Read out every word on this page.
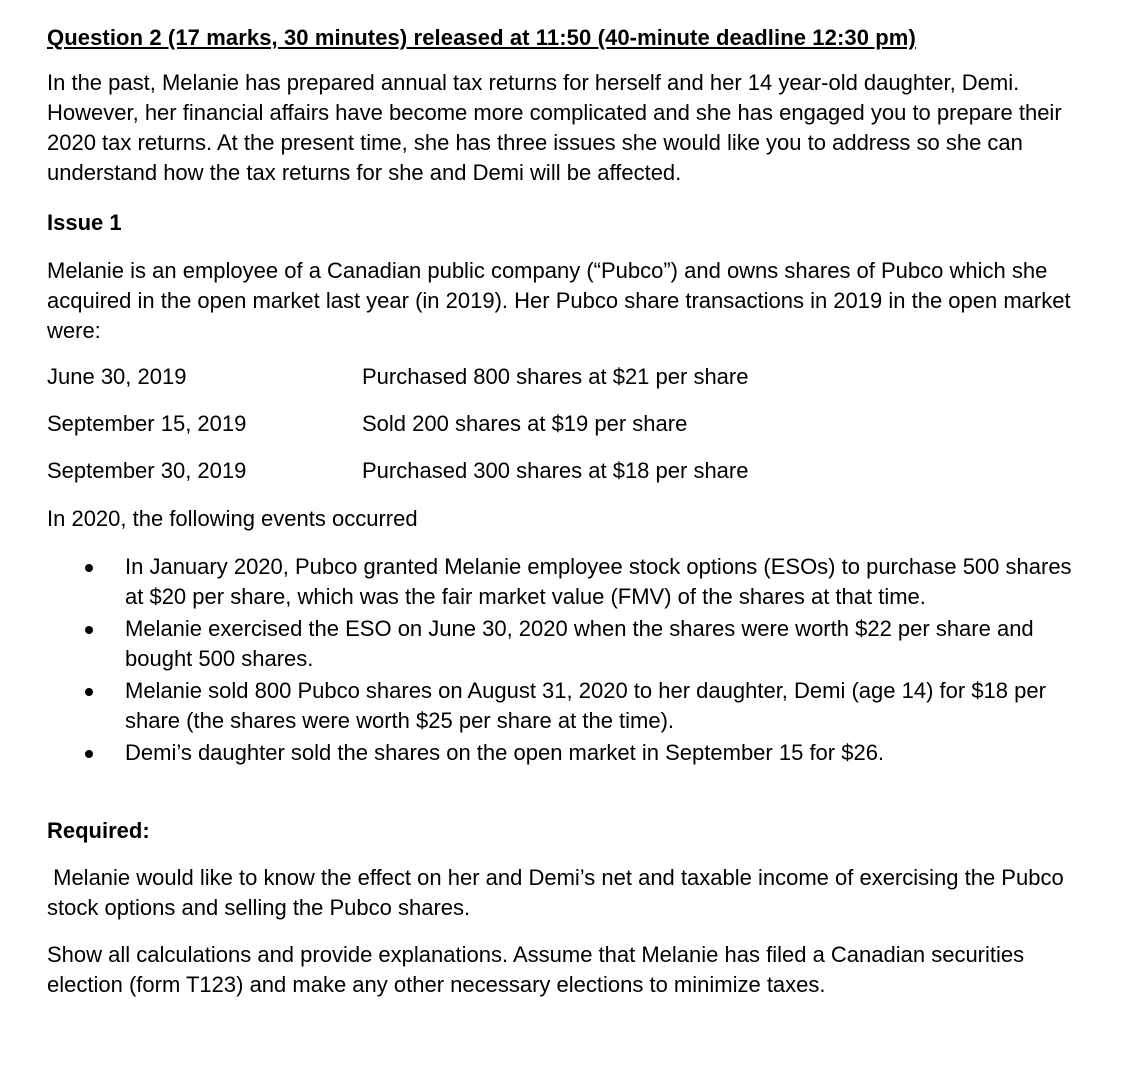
Question 2 (17 marks, 30 minutes) released at 11:50 (40-minute deadline 12:30 pm)
In the past, Melanie has prepared annual tax returns for herself and her 14 year-old daughter, Demi. However, her financial affairs have become more complicated and she has engaged you to prepare their 2020 tax returns. At the present time, she has three issues she would like you to address so she can understand how the tax returns for she and Demi will be affected.
Issue 1
Melanie is an employee of a Canadian public company (“Pubco”) and owns shares of Pubco which she acquired in the open market last year (in 2019). Her Pubco share transactions in 2019 in the open market were:
June 30, 2019	Purchased 800 shares at $21 per share
September 15, 2019	Sold 200 shares at $19 per share
September 30, 2019	Purchased 300 shares at $18 per share
In 2020, the following events occurred
In January 2020, Pubco granted Melanie employee stock options (ESOs) to purchase 500 shares at $20 per share, which was the fair market value (FMV) of the shares at that time.
Melanie exercised the ESO on June 30, 2020 when the shares were worth $22 per share and bought 500 shares.
Melanie sold 800 Pubco shares on August 31, 2020 to her daughter, Demi (age 14) for $18 per share (the shares were worth $25 per share at the time).
Demi’s daughter sold the shares on the open market in September 15 for $26.
Required:
Melanie would like to know the effect on her and Demi’s net and taxable income of exercising the Pubco stock options and selling the Pubco shares.
Show all calculations and provide explanations. Assume that Melanie has filed a Canadian securities election (form T123) and make any other necessary elections to minimize taxes.
